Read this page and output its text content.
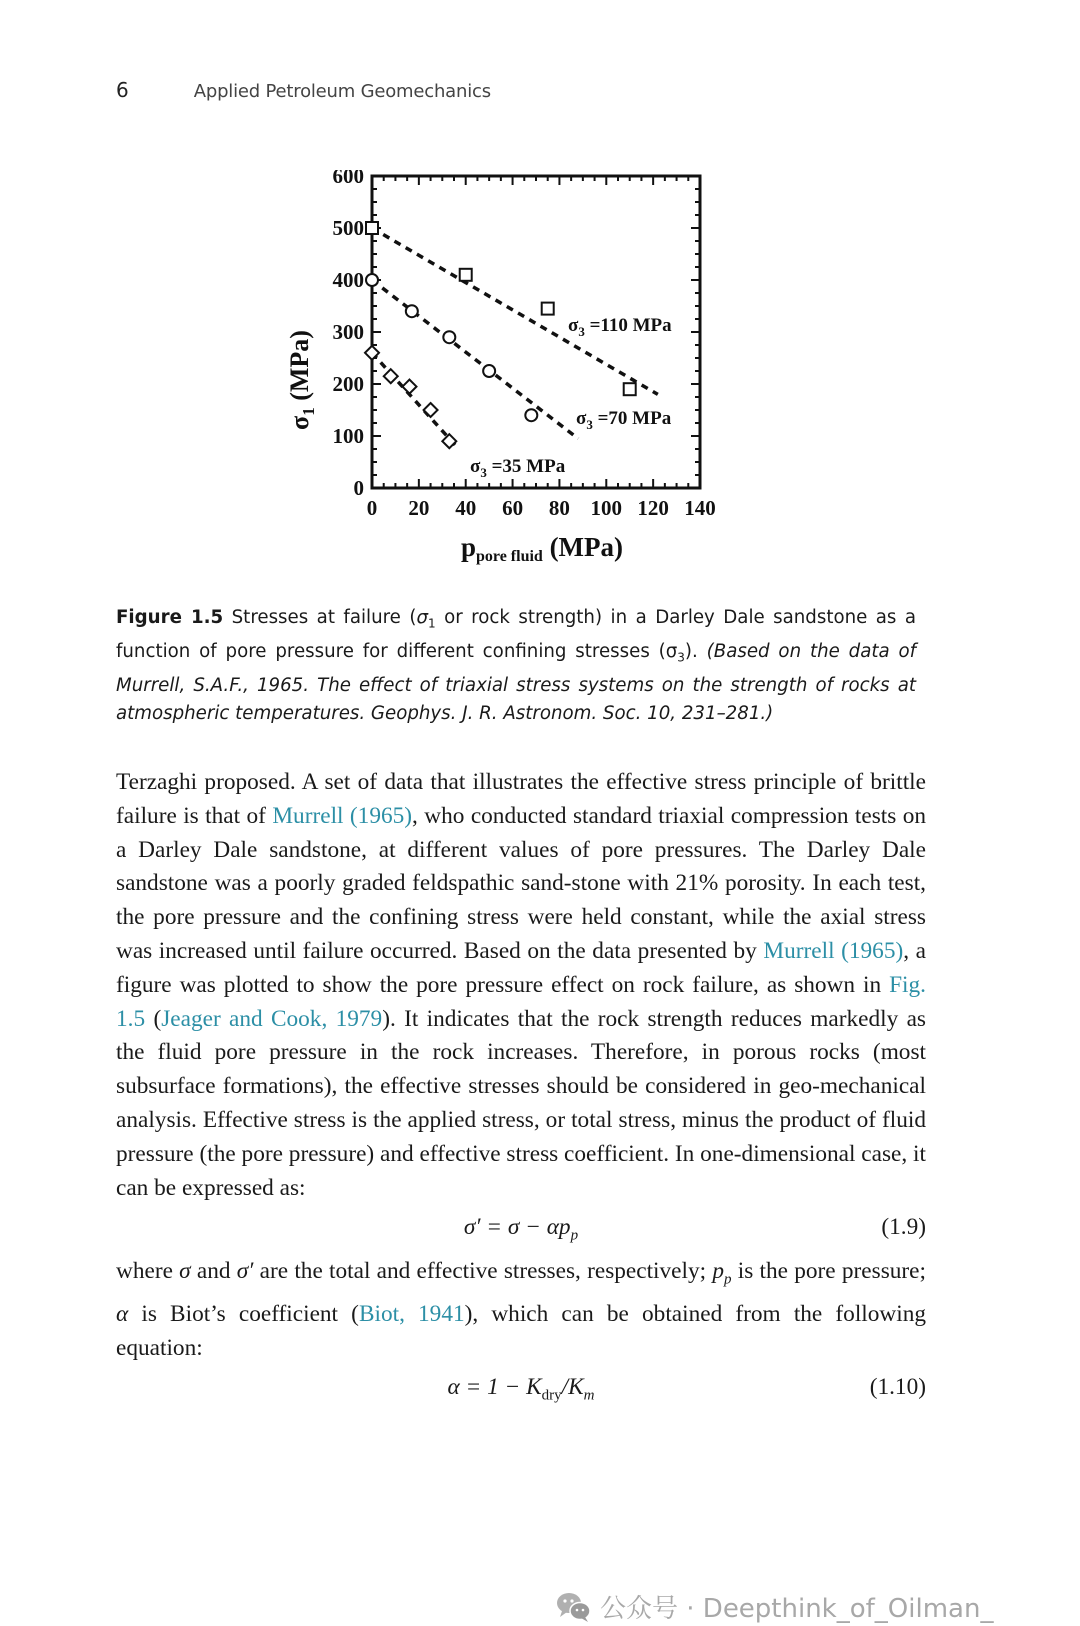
6	Applied Petroleum Geomechanics
0 20 40 60 80 100 120 140
0
100
200
300
400
500
600
$\sigma_1$ (MPa)
ppore fluid (MPa)
$\sigma_3 =110$ MPa
$\sigma_3 =70$ MPa
$\sigma_3 =35$ MPa
Figure 1.5 Stresses at failure ($\sigma_1$ or rock strength) in a Darley Dale sandstone as a function of pore pressure for different confining stresses $(\sigma_3)$. (Based on the data of Murrell, S.A.F., 1965. The effect of triaxial stress systems on the strength of rocks at atmospheric temperatures. Geophys. J. R. Astronom. Soc. 10, 231–281.)

Terzaghi proposed. A set of data that illustrates the effective stress principle of brittle failure is that of Murrell (1965), who conducted standard triaxial compression tests on a Darley Dale sandstone, at different values of pore pressures. The Darley Dale sandstone was a poorly graded feldspathic sand-stone with 21% porosity. In each test, the pore pressure and the confining stress were held constant, while the axial stress was increased until failure occurred. Based on the data presented by Murrell (1965), a figure was plotted to show the pore pressure effect on rock failure, as shown in Fig. 1.5 (Jeager and Cook, 1979). It indicates that the rock strength reduces markedly as the fluid pore pressure in the rock increases. Therefore, in porous rocks (most subsurface formations), the effective stresses should be considered in geo-mechanical analysis. Effective stress is the applied stress, or total stress, minus the product of fluid pressure (the pore pressure) and effective stress coefficient. In one-dimensional case, it can be expressed as:

$\sigma' = \sigma - \alpha p_p$	(1.9)

where σ and σ′ are the total and effective stresses, respectively; $p_p$ is the pore pressure; α is Biot’s coefficient (Biot, 1941), which can be obtained from the following equation:

$\alpha = 1 - K_{dry}/K_m$	(1.10)
公众号 · Deepthink_of_Oilman_
